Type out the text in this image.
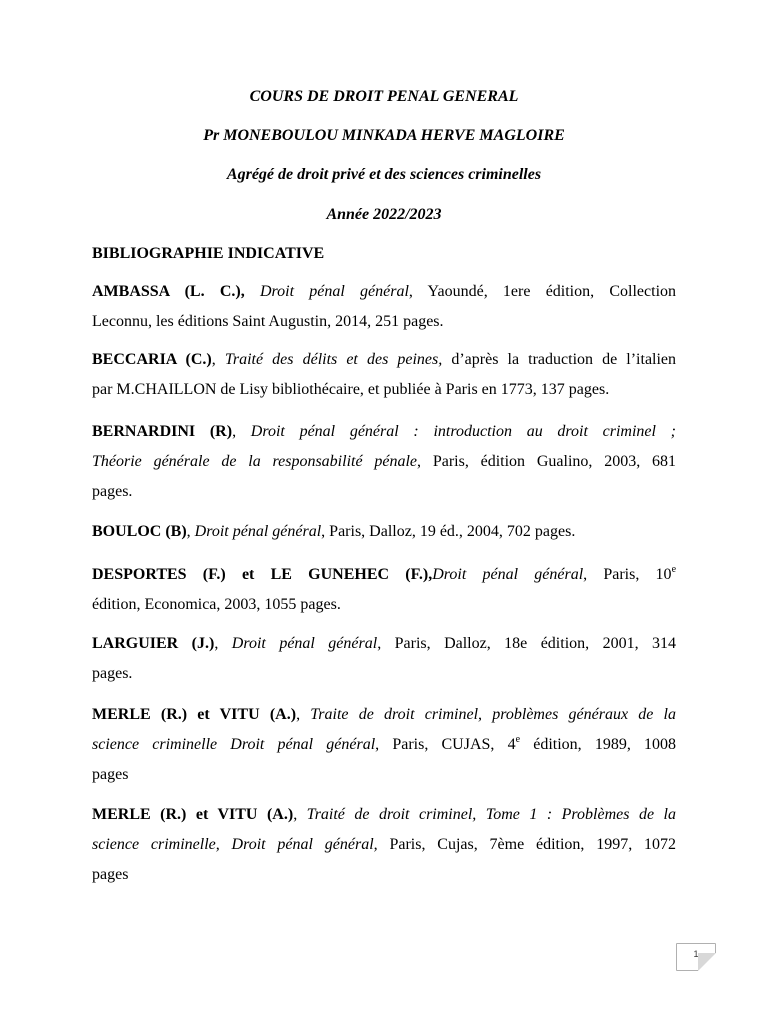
COURS DE DROIT PENAL GENERAL
Pr MONEBOULOU MINKADA HERVE MAGLOIRE
Agrégé de droit privé et des sciences criminelles
Année 2022/2023
BIBLIOGRAPHIE INDICATIVE
AMBASSA (L. C.), Droit pénal général, Yaoundé, 1ere édition, Collection
Leconnu, les éditions Saint Augustin, 2014, 251 pages.
BECCARIA (C.), Traité des délits et des peines, d’après la traduction de l’italien
par M.CHAILLON de Lisy bibliothécaire, et publiée à Paris en 1773, 137 pages.
BERNARDINI (R), Droit pénal général : introduction au droit criminel ;
Théorie générale de la responsabilité pénale, Paris, édition Gualino, 2003, 681
pages.
BOULOC (B), Droit pénal général, Paris, Dalloz, 19 éd., 2004, 702 pages.
DESPORTES (F.) et LE GUNEHEC (F.),Droit pénal général, Paris, 10e
édition, Economica, 2003, 1055 pages.
LARGUIER (J.), Droit pénal général, Paris, Dalloz, 18e édition, 2001, 314
pages.
MERLE (R.) et VITU (A.), Traite de droit criminel, problèmes généraux de la
science criminelle Droit pénal général, Paris, CUJAS, 4e édition, 1989, 1008
pages
MERLE (R.) et VITU (A.), Traité de droit criminel, Tome 1 : Problèmes de la
science criminelle, Droit pénal général, Paris, Cujas, 7ème édition, 1997, 1072
pages
1
